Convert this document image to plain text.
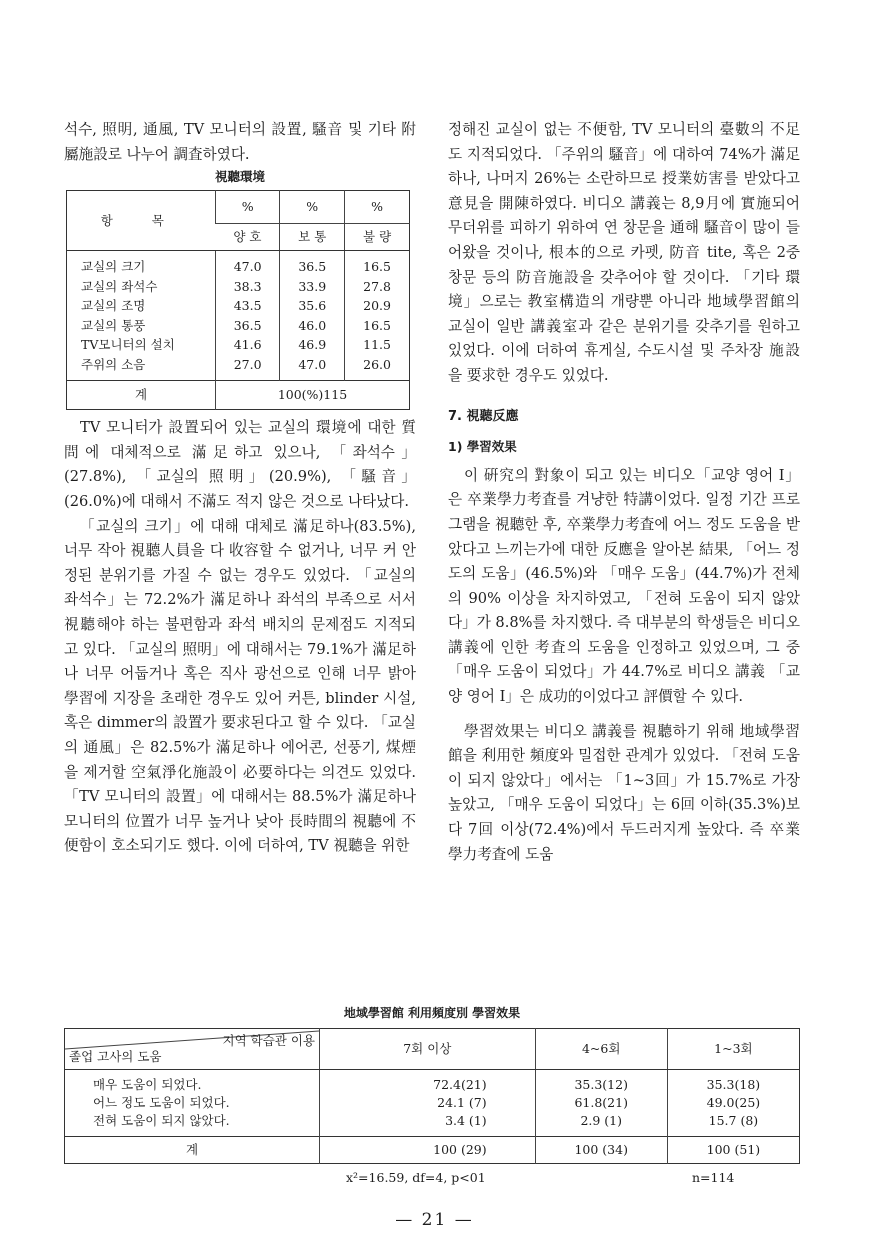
석수, 照明, 通風, TV 모니터의 設置, 騷音 및 기타 附屬施設로 나누어 調査하였다.

視聽環境
항 목	%	%	%
	양 호	보 통	불 량
교실의 크기	47.0	36.5	16.5
교실의 좌석수	38.3	33.9	27.8
교실의 조명	43.5	35.6	20.9
교실의 통풍	36.5	46.0	16.5
TV모니터의 설치	41.6	46.9	11.5
주위의 소음	27.0	47.0	26.0
계	100(%)115		

TV 모니터가 設置되어 있는 교실의 環境에 대한 質問에 대체적으로 滿足하고 있으나, 「좌석수」(27.8%), 「교실의 照明」(20.9%), 「騷音」(26.0%)에 대해서 不滿도 적지 않은 것으로 나타났다.

「교실의 크기」에 대해 대체로 滿足하나(83.5%), 너무 작아 視聽人員을 다 收容할 수 없거나, 너무 커 안정된 분위기를 가질 수 없는 경우도 있었다. 「교실의 좌석수」는 72.2%가 滿足하나 좌석의 부족으로 서서 視聽해야 하는 불편함과 좌석 배치의 문제점도 지적되고 있다. 「교실의 照明」에 대해서는 79.1%가 滿足하나 너무 어둡거나 혹은 직사 광선으로 인해 너무 밝아 學習에 지장을 초래한 경우도 있어 커튼, blinder 시설, 혹은 dimmer의 設置가 要求된다고 할 수 있다. 「교실의 通風」은 82.5%가 滿足하나 에어콘, 선풍기, 煤煙을 제거할 空氣淨化施設이 必要하다는 의견도 있었다. 「TV 모니터의 設置」에 대해서는 88.5%가 滿足하나 모니터의 位置가 너무 높거나 낮아 長時間의 視聽에 不便함이 호소되기도 했다. 이에 더하여, TV 視聽을 위한

정해진 교실이 없는 不便함, TV 모니터의 臺數의 不足도 지적되었다. 「주위의 騷音」에 대하여 74%가 滿足하나, 나머지 26%는 소란하므로 授業妨害를 받았다고 意見을 開陳하였다. 비디오 講義는 8,9月에 實施되어 무더위를 피하기 위하여 연 창문을 通해 騷音이 많이 들어왔을 것이나, 根本的으로 카펫, 防音 tite, 혹은 2중 창문 등의 防音施設을 갖추어야 할 것이다. 「기타 環境」으로는 教室構造의 개량뿐 아니라 地域學習館의 교실이 일반 講義室과 같은 분위기를 갖추기를 원하고 있었다. 이에 더하여 휴게실, 수도시설 및 주차장 施設을 要求한 경우도 있었다.

7. 視聽反應
1) 學習效果

이 硏究의 對象이 되고 있는 비디오「교양 영어 I」은 卒業學力考査를 겨냥한 特講이었다. 일정 기간 프로그램을 視聽한 후, 卒業學力考査에 어느 정도 도움을 받았다고 느끼는가에 대한 反應을 알아본 結果, 「어느 정도의 도움」(46.5%)와 「매우 도움」(44.7%)가 전체의 90% 이상을 차지하였고, 「전혀 도움이 되지 않았다」가 8.8%를 차지했다. 즉 대부분의 학생들은 비디오 講義에 인한 考査의 도움을 인정하고 있었으며, 그 중 「매우 도움이 되었다」가 44.7%로 비디오 講義 「교양 영어 I」은 成功的이었다고 評價할 수 있다.

學習效果는 비디오 講義를 視聽하기 위해 地域學習館을 利用한 頻度와 밀접한 관계가 있었다. 「전혀 도움이 되지 않았다」에서는 「1~3回」가 15.7%로 가장 높았고, 「매우 도움이 되었다」는 6回 이하(35.3%)보다 7回 이상(72.4%)에서 두드러지게 높았다. 즉 卒業學力考査에 도움

地域學習館 利用頻度別 學習效果
지역 학습관 이용
졸업 고사의 도움	7회 이상	4~6회	1~3회
매우 도움이 되었다.	72.4(21)	35.3(12)	35.3(18)
어느 정도 도움이 되었다.	24.1 (7)	61.8(21)	49.0(25)
전혀 도움이 되지 않았다.	3.4 (1)	2.9 (1)	15.7 (8)
계	100 (29)	100 (34)	100 (51)
x²=16.59, df=4, p<01	n=114
— 21 —
